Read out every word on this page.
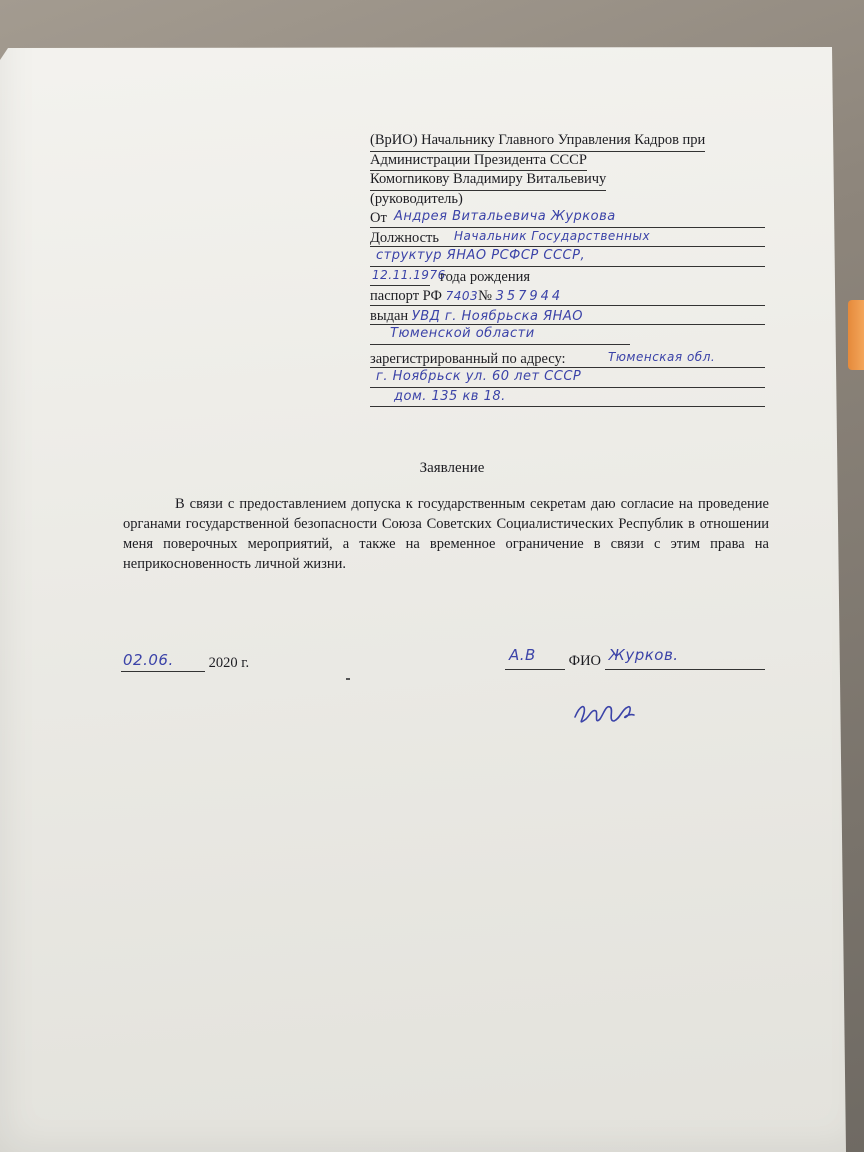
(ВрИО) Начальнику Главного Управления Кадров при
Администрации Президента СССР
Комornикову Владимиру Витальевичу
(руководитель)
От Андрея Витальевича Журкова
Должность Начальник Государственных
структур ЯНАО РСФСР СССР,
12.11.1976
года рождения
паспорт РФ 7403№ 357944
выдан УВД г. Ноябрьска ЯНАО
Тюменской области
зарегистрированный по адресу:	Тюменская обл.
г. Ноябрьск ул. 60 лет СССР
дом. 135 кв 18.
Заявление
В связи с предоставлением допуска к государственным секретам даю согласие на проведение органами государственной безопасности Союза Советских Социалистических Республик в отношении меня поверочных мероприятий, а также на временное ограничение в связи с этим права на неприкосновенность личной жизни.
02.06. 2020 г.	А.В ФИО Журков.
